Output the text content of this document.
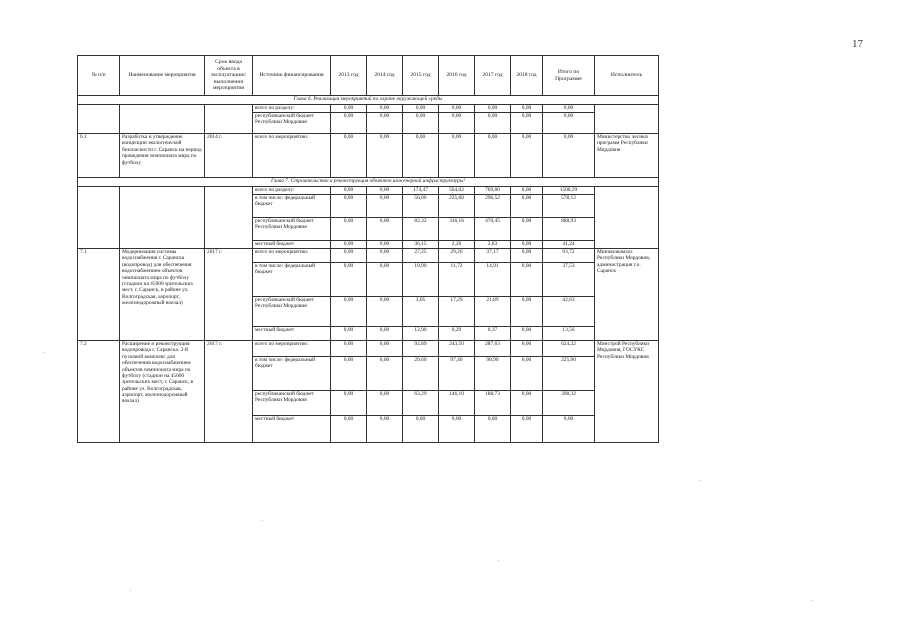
17
№ п/п	Наименование мероприятия	Срок ввода объекта в эксплуатацию/ выполнения мероприятия	Источник финансирования	2013 год	2014 год	2015 год	2016 год	2017 год	2018 год	Итого по Программе	Исполнитель
Глава 6. Реализация мероприятий по охране окружающей среды											
			всего по разделу:	0,00	0,00	0,00	0,00	0,00	0,00	0,00	
			республиканский бюджет Республики Мордовия	0,00	0,00	0,00	0,00	0,00	0,00	0,00	
6.1	Разработка и утверждение концепции экологической безопасности г. Саранск на период проведения чемпионата мира по футболу	2014 г.	всего по мероприятию:	0,00	0,00	0,00	0,00	0,00	0,00	0,00	Министерство лесных программ Республики Мордовия
Глава 7. Строительство и реконструкция объектов инженерной инфраструктуры¹											
			всего по разделу:	0,00	0,00	174,47	564,02	769,80	0,00	1508,29	
			в том числе: федеральный бюджет	0,00	0,00	56,00	225,60	296,52	0,00	578,12	
			республиканский бюджет Республики Мордовия	0,00	0,00	82,32	336,16	470,45	0,00	888,93	
			местный бюджет	0,00	0,00	36,15	2,26	2,83	0,00	41,24	
7.1	Модернизация системы водоснабжения г. Саранска (водопровод) для обеспечения водоснабжением объектов чемпионата мира по футболу (стадион на 45000 зрительских мест, г. Саранск, в районе ул. Волгоградская, аэропорт, железнодорожный вокзал)	2017 г.	всего по мероприятию:	0,00	0,00	27,25	29,26	37,17	0,00	93,72	Минжилкомхоз Республики Мордовия, администрация г.о. Саранск
			в том числе: федеральный бюджет	0,00	0,00	10,90	11,72	14,91	0,00	37,53	
			республиканский бюджет Республики Мордовия	0,00	0,00	3,05	17,29	21,89	0,00	42,63	
			местный бюджет	0,00	0,00	12,90	0,29	0,37	0,00	13,56	
7.2	Расширение и реконструкция водопровода г. Саранска. 2-й пусковой комплекс для обеспечения водоснабжением объектов чемпионата мира по футболу (стадион на 45000 зрительских мест, г. Саранск, в районе ул. Волгоградская, аэропорт, железнодорожный вокзал)	2017 г.	всего по мероприятию:	0,00	0,00	92,89	243,50	287,63	0,00	624,22	Минстрой Республики Мордовия, ГОСУКС Республики Мордовия
			в том числе: федеральный бюджет	0,00	0,00	29,60	97,40	98,90	0,00	225,90	
			республиканский бюджет Республики Мордовия	0,00	0,00	63,29	146,10	188,73	0,00	398,32	
			местный бюджет	0,00	0,00	0,00	0,00	0,00	0,00	0,00	
